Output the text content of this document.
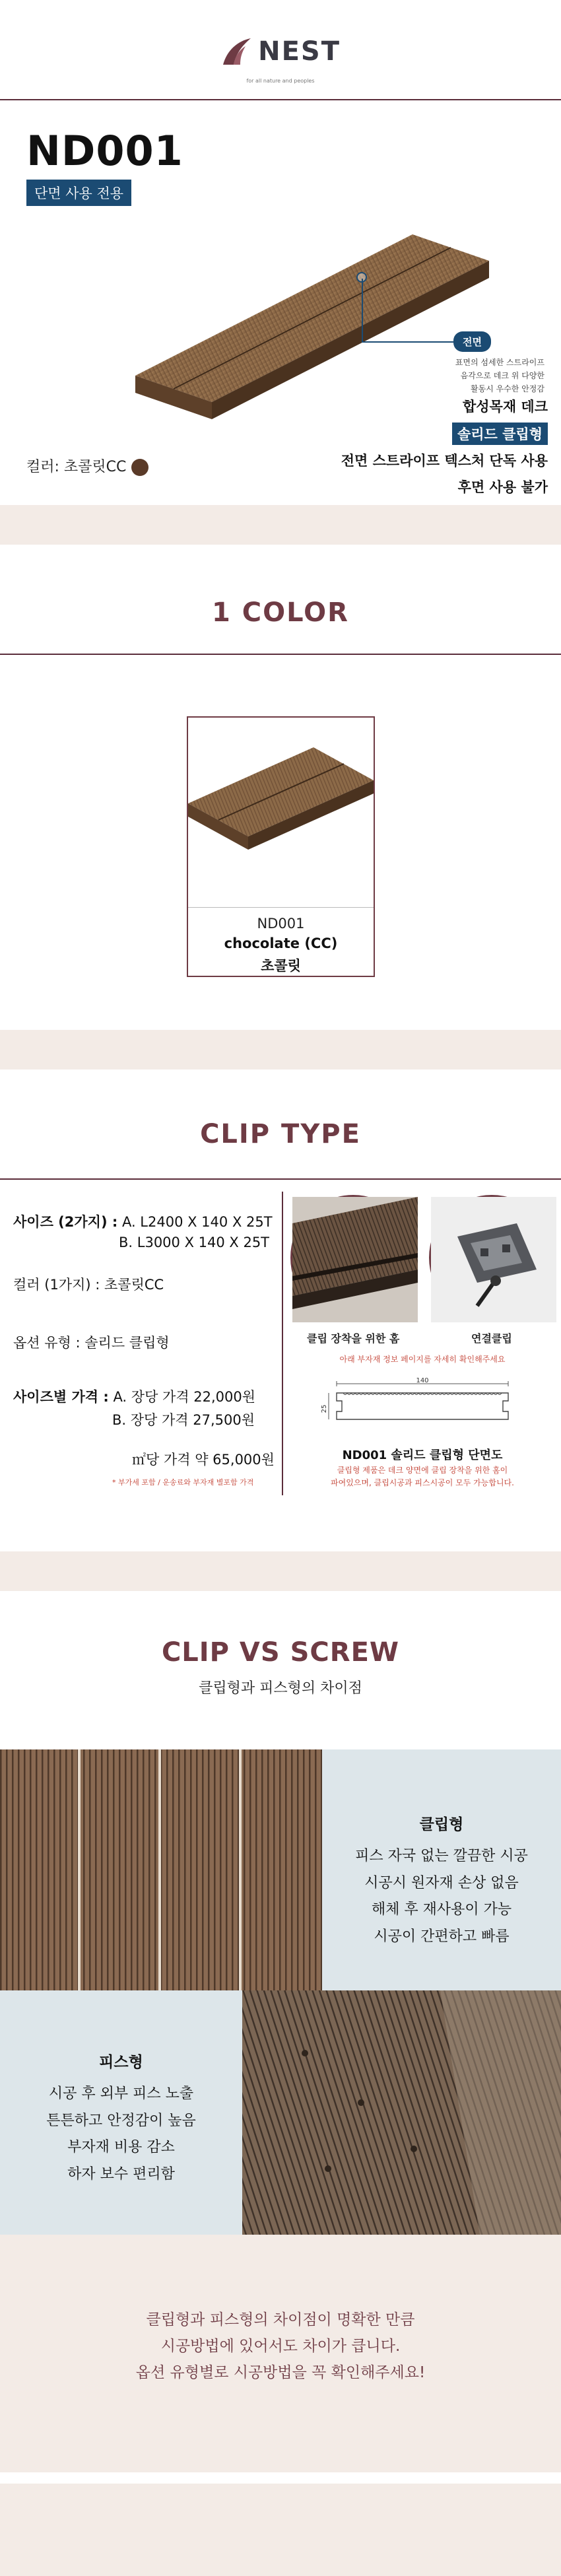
NEST
for all nature and peoples
ND001
단면 사용 전용
전면
표면의 섬세한 스트라이프
음각으로 데크 위 다양한
활동시 우수한 안정감
합성목재 데크
솔리드 클립형
전면 스트라이프 텍스처 단독 사용
후면 사용 불가
컬러: 초콜릿CC
1 COLOR
ND001
chocolate (CC)
초콜릿
CLIP TYPE
사이즈 (2가지) : A. L2400 X 140 X 25T
B. L3000 X 140 X 25T
컬러 (1가지) : 초콜릿CC
옵션 유형 : 솔리드 클립형
사이즈별 가격 : A. 장당 가격 22,000원
B. 장당 가격 27,500원
㎡당 가격 약 65,000원
* 부가세 포함 / 운송료와 부자재 별포함 가격
클립 장착을 위한 홈	연결클립
아래 부자재 정보 페이지를 자세히 확인해주세요
140
25
ND001 솔리드 클립형 단면도
클립형 제품은 데크 양면에 클립 장착을 위한 홈이
파여있으며, 클립시공과 피스시공이 모두 가능합니다.
CLIP VS SCREW
클립형과 피스형의 차이점
클립형
피스 자국 없는 깔끔한 시공
시공시 원자재 손상 없음
해체 후 재사용이 가능
시공이 간편하고 빠름
피스형
시공 후 외부 피스 노출
튼튼하고 안정감이 높음
부자재 비용 감소
하자 보수 편리함
클립형과 피스형의 차이점이 명확한 만큼
시공방법에 있어서도 차이가 큽니다.
옵션 유형별로 시공방법을 꼭 확인해주세요!
